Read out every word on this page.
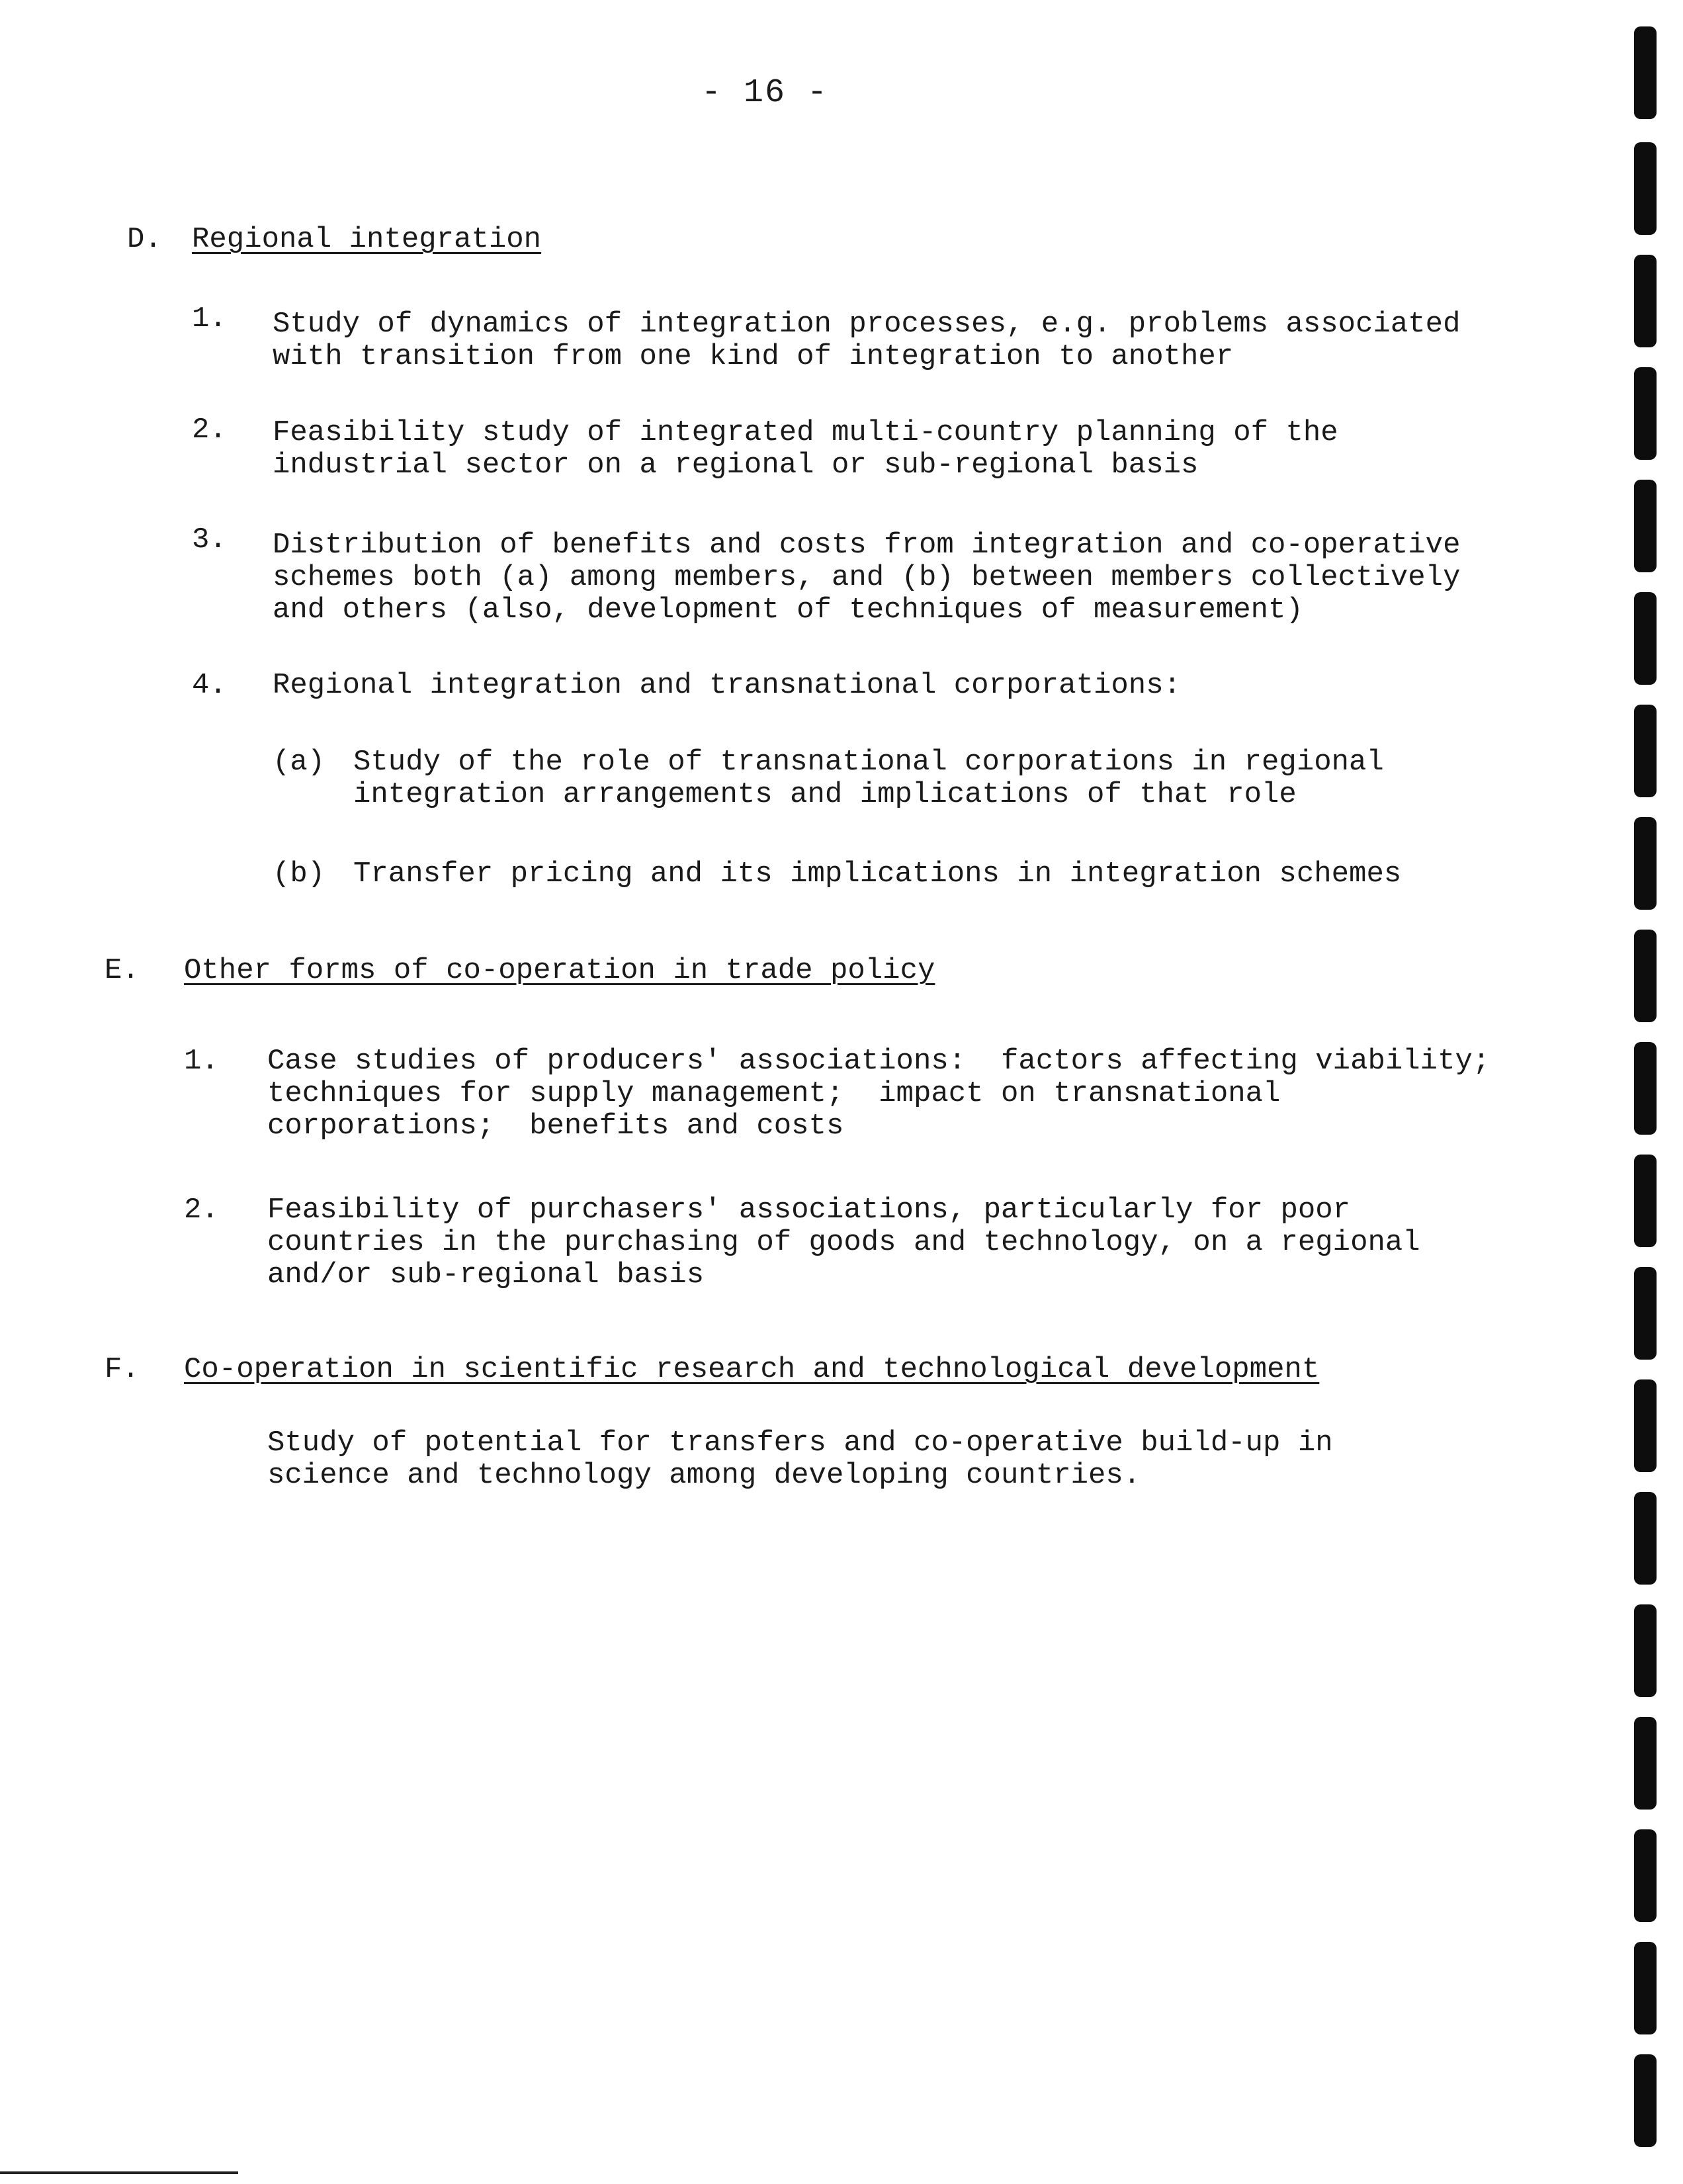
- 16 -
D. Regional integration
1. Study of dynamics of integration processes, e.g. problems associated
with transition from one kind of integration to another
2. Feasibility study of integrated multi-country planning of the
industrial sector on a regional or sub-regional basis
3. Distribution of benefits and costs from integration and co-operative
schemes both (a) among members, and (b) between members collectively
and others (also, development of techniques of measurement)
4. Regional integration and transnational corporations:
(a) Study of the role of transnational corporations in regional
integration arrangements and implications of that role
(b) Transfer pricing and its implications in integration schemes
E. Other forms of co-operation in trade policy
1. Case studies of producers' associations:  factors affecting viability;
techniques for supply management;  impact on transnational
corporations;  benefits and costs
2. Feasibility of purchasers' associations, particularly for poor
countries in the purchasing of goods and technology, on a regional
and/or sub-regional basis
F. Co-operation in scientific research and technological development
Study of potential for transfers and co-operative build-up in
science and technology among developing countries.
